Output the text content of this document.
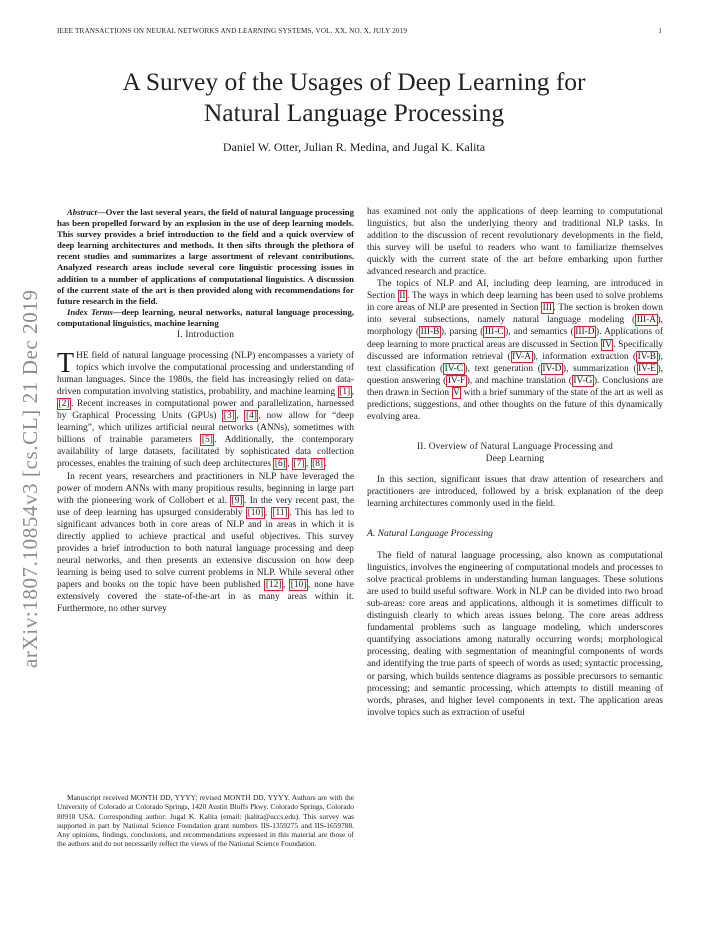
IEEE TRANSACTIONS ON NEURAL NETWORKS AND LEARNING SYSTEMS, VOL. XX, NO. X, JULY 2019	1
A Survey of the Usages of Deep Learning for
Natural Language Processing
Daniel W. Otter, Julian R. Medina, and Jugal K. Kalita
arXiv:1807.10854v3 [cs.CL] 21 Dec 2019

Abstract—Over the last several years, the field of natural language processing has been propelled forward by an explosion in the use of deep learning models. This survey provides a brief introduction to the field and a quick overview of deep learning architectures and methods. It then sifts through the plethora of recent studies and summarizes a large assortment of relevant contributions. Analyzed research areas include several core linguistic processing issues in addition to a number of applications of computational linguistics. A discussion of the current state of the art is then provided along with recommendations for future research in the field.

Index Terms—deep learning, neural networks, natural language processing, computational linguistics, machine learning

I. Introduction

THE field of natural language processing (NLP) encompasses a variety of topics which involve the computational processing and understanding of human languages. Since the 1980s, the field has increasingly relied on data-driven computation involving statistics, probability, and machine learning [1] , [2] . Recent increases in computational power and parallelization, harnessed by Graphical Processing Units (GPUs) [3] , [4] , now allow for “deep learning”, which utilizes artificial neural networks (ANNs), sometimes with billions of trainable parameters [5] . Additionally, the contemporary availability of large datasets, facilitated by sophisticated data collection processes, enables the training of such deep architectures [6] , [7] , [8] .

In recent years, researchers and practitioners in NLP have leveraged the power of modern ANNs with many propitious results, beginning in large part with the pioneering work of Collobert et al. [9] . In the very recent past, the use of deep learning has upsurged considerably [10] , [11] . This has led to significant advances both in core areas of NLP and in areas in which it is directly applied to achieve practical and useful objectives. This survey provides a brief introduction to both natural language processing and deep neural networks, and then presents an extensive discussion on how deep learning is being used to solve current problems in NLP. While several other papers and books on the topic have been published [12] , [10] , none have extensively covered the state-of-the-art in as many areas within it. Furthermore, no other survey

Manuscript received MONTH DD, YYYY; revised MONTH DD, YYYY. Authors are with the University of Colorado at Colorado Springs, 1420 Austin Bluffs Pkwy. Colorado Springs, Colorado 80918 USA. Corresponding author: Jugal K. Kalita (email: jkalita@uccs.edu). This survey was supported in part by National Science Foundation grant numbers IIS-1359275 and IIS-1659788. Any opinions, findings, conclusions, and recommendations expressed in this material are those of the authors and do not necessarily reflect the views of the National Science Foundation.

has examined not only the applications of deep learning to computational linguistics, but also the underlying theory and traditional NLP tasks. In addition to the discussion of recent revolutionary developments in the field, this survey will be useful to readers who want to familiarize themselves quickly with the current state of the art before embarking upon further advanced research and practice.

The topics of NLP and AI, including deep learning, are introduced in Section II . The ways in which deep learning has been used to solve problems in core areas of NLP are presented in Section III . The section is broken down into several subsections, namely natural language modeling ( III-A ), morphology ( III-B ), parsing ( III-C ), and semantics ( III-D ). Applications of deep learning to more practical areas are discussed in Section IV . Specifically discussed are information retrieval ( IV-A ), information extraction ( IV-B ), text classification ( IV-C ), text generation ( IV-D ), summarization ( IV-E ), question answering ( IV-F ), and machine translation ( IV-G ). Conclusions are then drawn in Section V with a brief summary of the state of the art as well as predictions, suggestions, and other thoughts on the future of this dynamically evolving area.

II. Overview of Natural Language Processing and
Deep Learning

In this section, significant issues that draw attention of researchers and practitioners are introduced, followed by a brisk explanation of the deep learning architectures commonly used in the field.

A. Natural Language Processing

The field of natural language processing, also known as computational linguistics, involves the engineering of computational models and processes to solve practical problems in understanding human languages. These solutions are used to build useful software. Work in NLP can be divided into two broad sub-areas: core areas and applications, although it is sometimes difficult to distinguish clearly to which areas issues belong. The core areas address fundamental problems such as language modeling, which underscores quantifying associations among naturally occurring words; morphological processing, dealing with segmentation of meaningful components of words and identifying the true parts of speech of words as used; syntactic processing, or parsing, which builds sentence diagrams as possible precursors to semantic processing; and semantic processing, which attempts to distill meaning of words, phrases, and higher level components in text. The application areas involve topics such as extraction of useful
